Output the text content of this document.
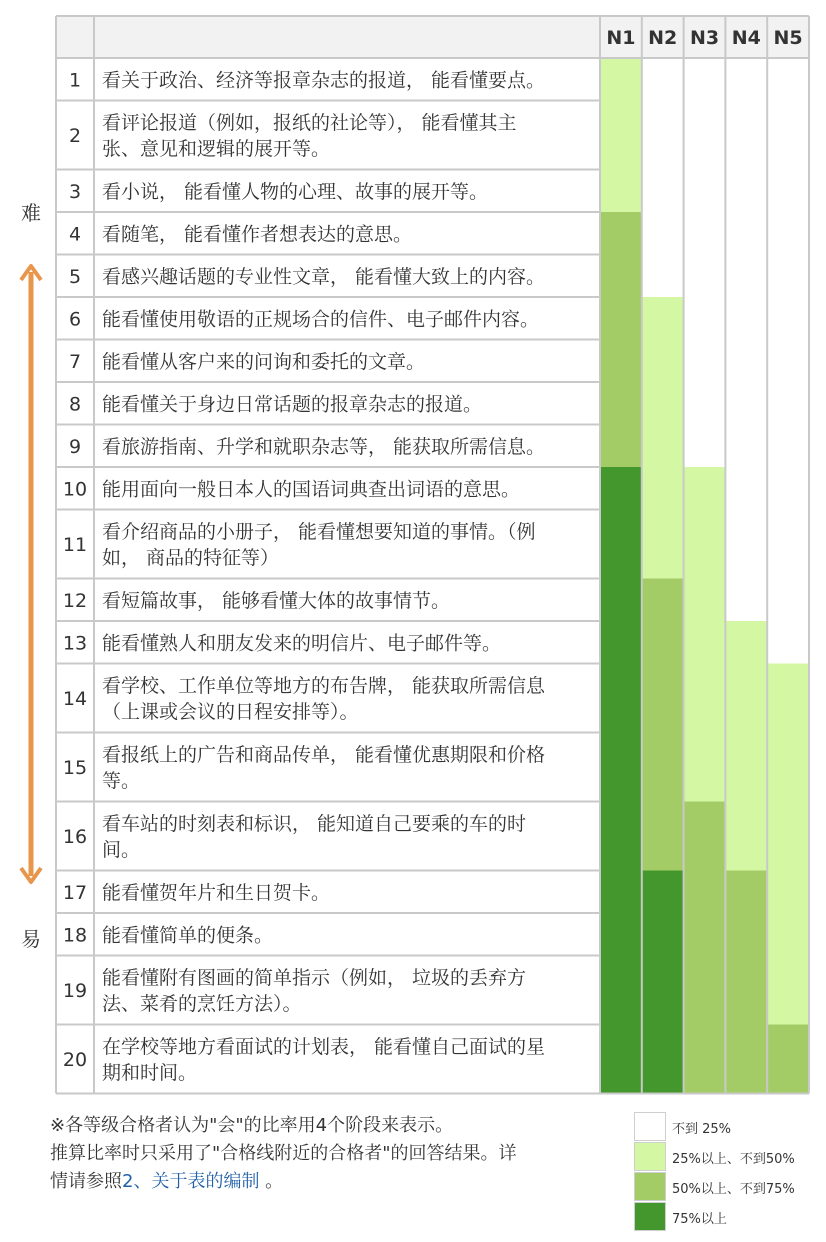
N1 N2 N3 N4 N5
1 看关于政治、经济等报章杂志的报道， 能看懂要点。
2
看评论报道（例如，报纸的社论等）， 能看懂其主
张、意见和逻辑的展开等。
3 看小说， 能看懂人物的心理、故事的展开等。
4 看随笔， 能看懂作者想表达的意思。
5 看感兴趣话题的专业性文章， 能看懂大致上的内容。
6 能看懂使用敬语的正规场合的信件、电子邮件内容。
7 能看懂从客户来的问询和委托的文章。
8 能看懂关于身边日常话题的报章杂志的报道。
9 看旅游指南、升学和就职杂志等， 能获取所需信息。
10 能用面向一般日本人的国语词典查出词语的意思。
11
看介绍商品的小册子， 能看懂想要知道的事情。（例
如， 商品的特征等）
12 看短篇故事， 能够看懂大体的故事情节。
13 能看懂熟人和朋友发来的明信片、电子邮件等。
14
看学校、工作单位等地方的布告牌， 能获取所需信息
（上课或会议的日程安排等）。
15
看报纸上的广告和商品传单， 能看懂优惠期限和价格
等。
16
看车站的时刻表和标识， 能知道自己要乘的车的时
间。
17 能看懂贺年片和生日贺卡。
18 能看懂简单的便条。
19
能看懂附有图画的简单指示（例如， 垃圾的丢弃方
法、菜肴的烹饪方法）。
20
在学校等地方看面试的计划表， 能看懂自己面试的星
期和时间。
难
易
※各等级合格者认为"会"的比率用4个阶段来表示。
推算比率时只采用了"合格线附近的合格者"的回答结果。详
情请参照2、关于表的编制 。
不到 25%
25%以上、不到50%
50%以上、不到75%
75%以上
